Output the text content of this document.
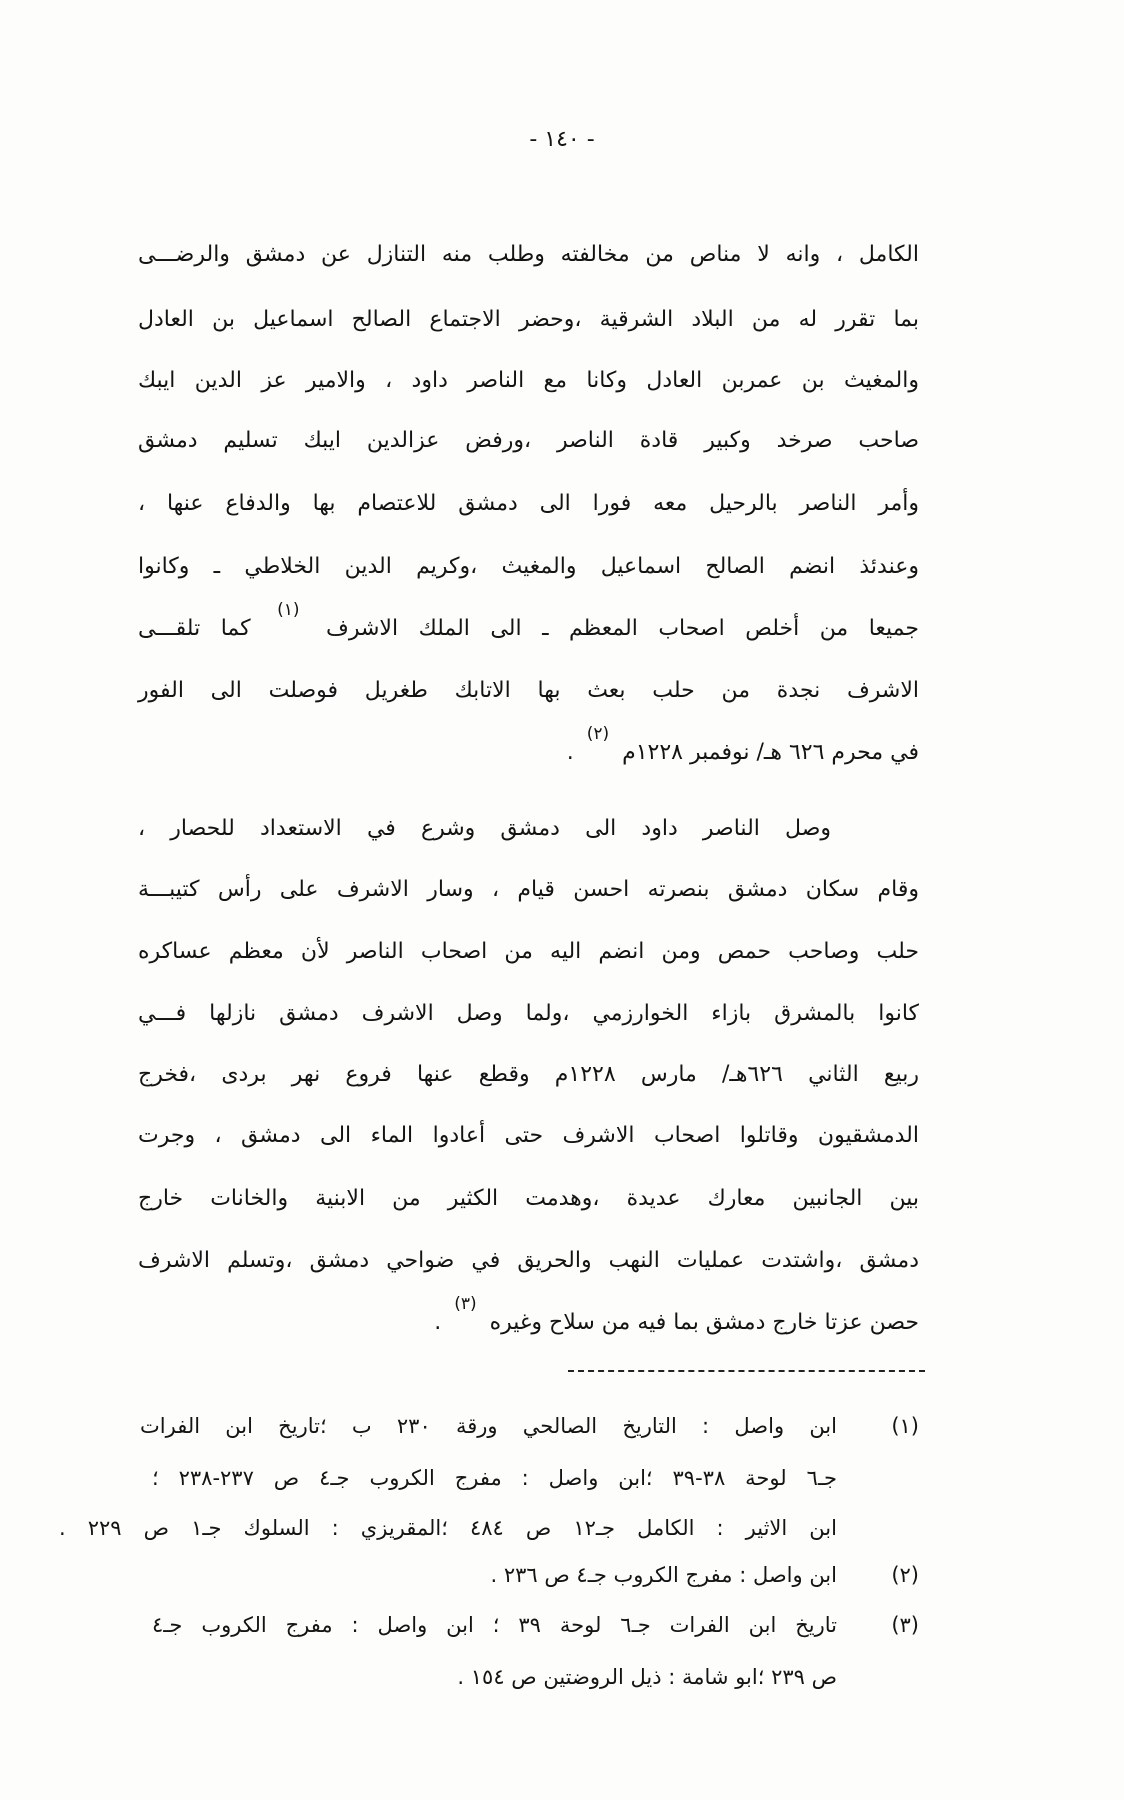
- ١٤٠ -
الكامل ، وانه لا مناص من مخالفته وطلب منه التنازل عن دمشق والرضـــى
بما تقرر له من البلاد الشرقية ،وحضر الاجتماع الصالح اسماعيل بن العادل
والمغيث بن عمربن العادل وكانا مع الناصر داود ، والامير عز الدين ايبك
صاحب صرخد وكبير قادة الناصر ،ورفض عزالدين ايبك تسليم دمشق
وأمر الناصر بالرحيل معه فورا الى دمشق للاعتصام بها والدفاع عنها ،
وعندئذ انضم الصالح اسماعيل والمغيث ،وكريم الدين الخلاطي ـ وكانوا
جميعا من أخلص اصحاب المعظم ـ الى الملك الاشرف (١) كما تلقـــى
الاشرف نجدة من حلب بعث بها الاتابك طغريل فوصلت الى الفور
في محرم ٦٢٦ هـ/ نوفمبر ١٢٢٨م (٢) .
وصل الناصر داود الى دمشق وشرع في الاستعداد للحصار ،
وقام سكان دمشق بنصرته احسن قيام ، وسار الاشرف على رأس كتيبـــة
حلب وصاحب حمص ومن انضم اليه من اصحاب الناصر لأن معظم عساكره
كانوا بالمشرق بازاء الخوارزمي ،ولما وصل الاشرف دمشق نازلها فـــي
ربيع الثاني ٦٢٦هـ/ مارس ١٢٢٨م وقطع عنها فروع نهر بردى ،فخرج
الدمشقيون وقاتلوا اصحاب الاشرف حتى أعادوا الماء الى دمشق ، وجرت
بين الجانبين معارك عديدة ،وهدمت الكثير من الابنية والخانات خارج
دمشق ،واشتدت عمليات النهب والحريق في ضواحي دمشق ،وتسلم الاشرف
حصن عزتا خارج دمشق بما فيه من سلاح وغيره (٣) .
(١)
ابن واصل : التاريخ الصالحي ورقة ٢٣٠ ب ؛تاريخ ابن الفرات
جـ٦ لوحة ٣٨-٣٩ ؛ابن واصل : مفرج الكروب جـ٤ ص ٢٣٧-٢٣٨ ؛
ابن الاثير : الكامل جـ١٢ ص ٤٨٤ ؛المقريزي : السلوك جـ١ ص ٢٢٩ .
(٢)
ابن واصل : مفرج الكروب جـ٤ ص ٢٣٦ .
(٣)
تاريخ ابن الفرات جـ٦ لوحة ٣٩ ؛ ابن واصل : مفرج الكروب جـ٤
ص ٢٣٩ ؛ابو شامة : ذيل الروضتين ص ١٥٤ .
